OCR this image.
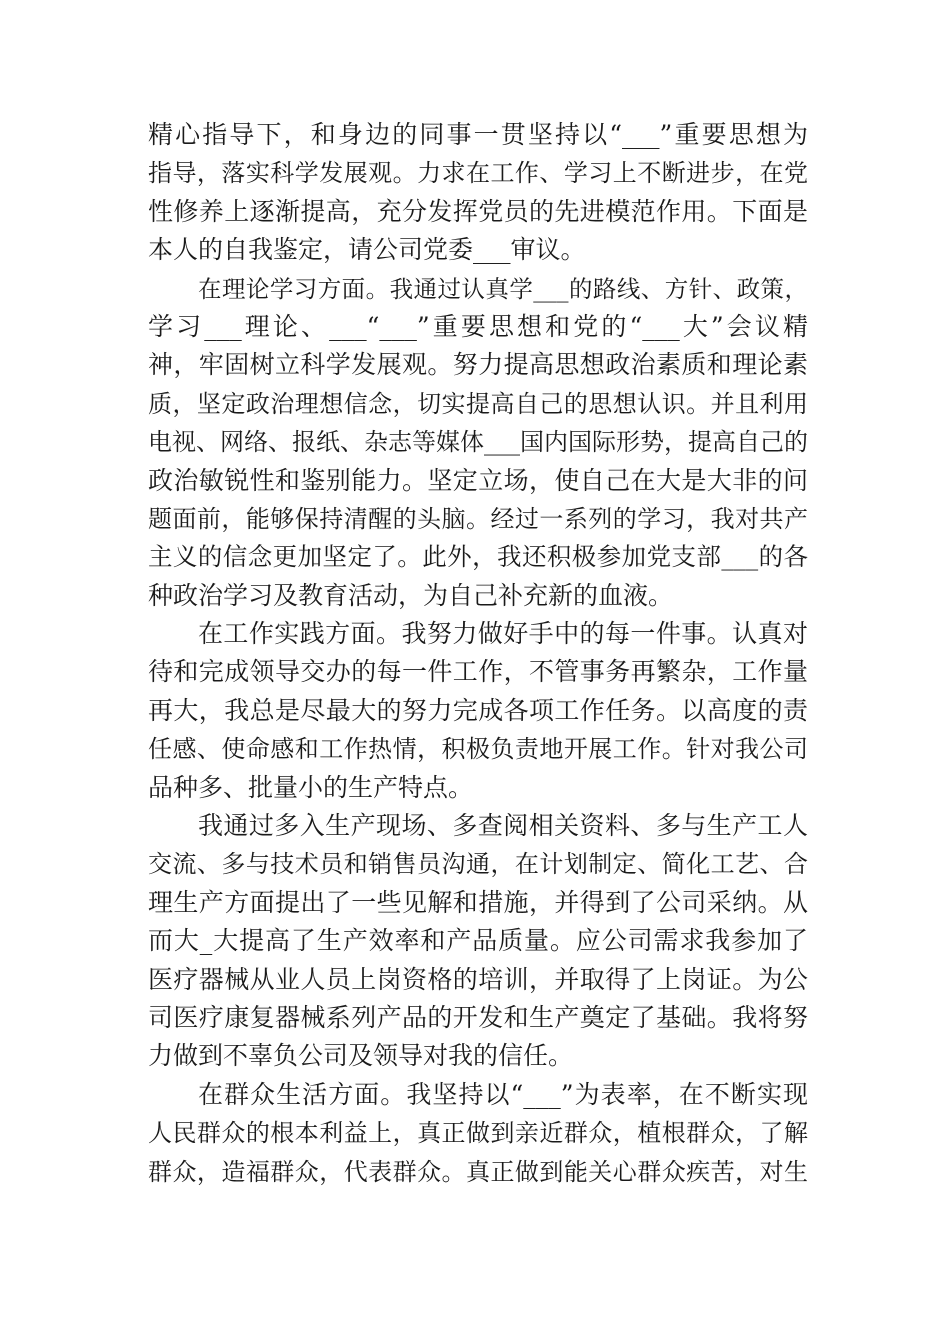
精心指导下，和身边的同事一贯坚持以“___”重要思想为
指导，落实科学发展观。力求在工作、学习上不断进步，在党
性修养上逐渐提高，充分发挥党员的先进模范作用。下面是
本人的自我鉴定，请公司党委___审议。
在理论学习方面。我通过认真学___的路线、方针、政策，
学习___理论、___“___”重要思想和党的“___大”会议精
神，牢固树立科学发展观。努力提高思想政治素质和理论素
质，坚定政治理想信念，切实提高自己的思想认识。并且利用
电视、网络、报纸、杂志等媒体___国内国际形势，提高自己的
政治敏锐性和鉴别能力。坚定立场，使自己在大是大非的问
题面前，能够保持清醒的头脑。经过一系列的学习，我对共产
主义的信念更加坚定了。此外，我还积极参加党支部___的各
种政治学习及教育活动，为自己补充新的血液。
在工作实践方面。我努力做好手中的每一件事。认真对
待和完成领导交办的每一件工作，不管事务再繁杂，工作量
再大，我总是尽最大的努力完成各项工作任务。以高度的责
任感、使命感和工作热情，积极负责地开展工作。针对我公司
品种多、批量小的生产特点。
我通过多入生产现场、多查阅相关资料、多与生产工人
交流、多与技术员和销售员沟通，在计划制定、简化工艺、合
理生产方面提出了一些见解和措施，并得到了公司采纳。从
而大_大提高了生产效率和产品质量。应公司需求我参加了
医疗器械从业人员上岗资格的培训，并取得了上岗证。为公
司医疗康复器械系列产品的开发和生产奠定了基础。我将努
力做到不辜负公司及领导对我的信任。
在群众生活方面。我坚持以“___”为表率，在不断实现
人民群众的根本利益上，真正做到亲近群众，植根群众，了解
群众，造福群众，代表群众。真正做到能关心群众疾苦，对生
